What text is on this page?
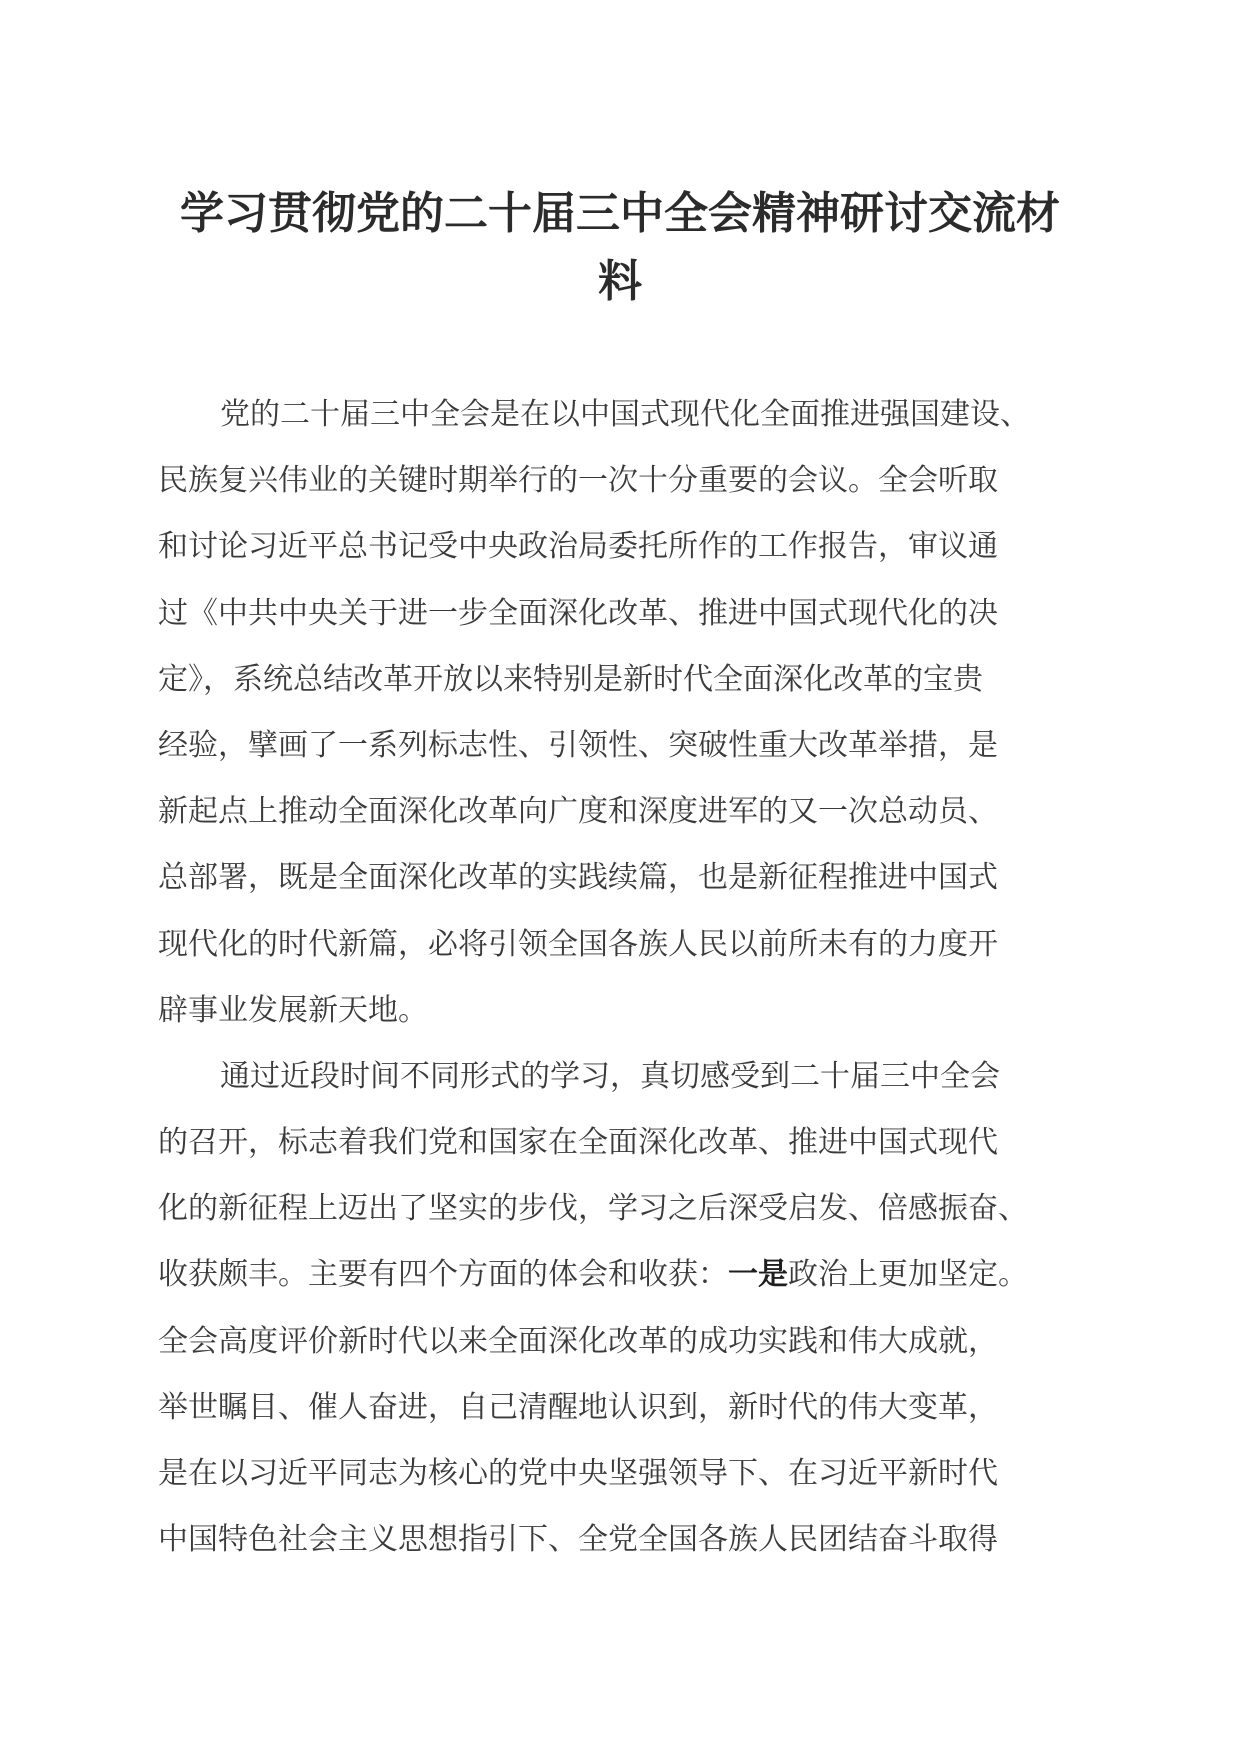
学习贯彻党的二十届三中全会精神研讨交流材
料
党的二十届三中全会是在以中国式现代化全面推进强国建设、
民族复兴伟业的关键时期举行的一次十分重要的会议。全会听取
和讨论习近平总书记受中央政治局委托所作的工作报告，审议通
过《中共中央关于进一步全面深化改革、推进中国式现代化的决
定》，系统总结改革开放以来特别是新时代全面深化改革的宝贵
经验，擘画了一系列标志性、引领性、突破性重大改革举措，是
新起点上推动全面深化改革向广度和深度进军的又一次总动员、
总部署，既是全面深化改革的实践续篇，也是新征程推进中国式
现代化的时代新篇，必将引领全国各族人民以前所未有的力度开
辟事业发展新天地。
通过近段时间不同形式的学习，真切感受到二十届三中全会
的召开，标志着我们党和国家在全面深化改革、推进中国式现代
化的新征程上迈出了坚实的步伐，学习之后深受启发、倍感振奋、
收获颇丰。主要有四个方面的体会和收获：一是政治上更加坚定。
全会高度评价新时代以来全面深化改革的成功实践和伟大成就，
举世瞩目、催人奋进，自己清醒地认识到，新时代的伟大变革，
是在以习近平同志为核心的党中央坚强领导下、在习近平新时代
中国特色社会主义思想指引下、全党全国各族人民团结奋斗取得
